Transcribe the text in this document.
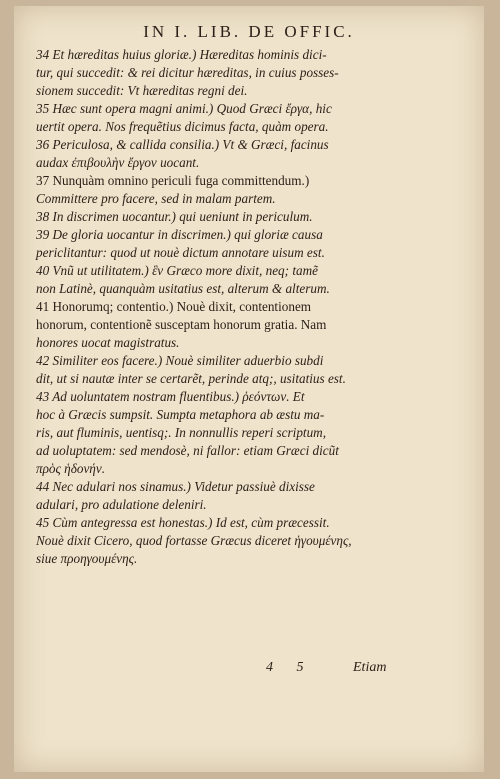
IN I. LIB. DE OFFIC.
34 Et hæreditas huius gloriæ.) Hæreditas hominis dici-
tur, qui succedit: & rei dicitur hæreditas, in cuius posses-
sionem succedit: Vt hæreditas regni dei.
35 Hæc sunt opera magni animi.) Quod Græci ἔργα, hic
uertit opera. Nos frequẽtius dicimus facta, quàm opera.
36 Periculosa, & callida consilia.) Vt & Græci, facinus
audax ἐπιβουλὴν ἔργον uocant.
37 Nunquàm omnino periculi fuga committendum.)
Committere pro facere, sed in malam partem.
38 In discrimen uocantur.) qui ueniunt in periculum.
39 De gloria uocantur in discrimen.) qui gloriæ causa
periclitantur: quod ut nouè dictum annotare uisum est.
40 Vnũ ut utilitatem.) ἓν Græco more dixit, neq; tamẽ
non Latinè, quanquàm usitatius est, alterum & alterum.
41 Honorumq; contentio.) Nouè dixit, contentionem
honorum, contentionẽ susceptam honorum gratia. Nam
honores uocat magistratus.
42 Similiter eos facere.) Nouè similiter aduerbio subdi
dit, ut si nautæ inter se certarẽt, perinde atq;, usitatius est.
43 Ad uoluntatem nostram fluentibus.) ῥεόντων. Et
hoc à Græcis sumpsit. Sumpta metaphora ab æstu ma-
ris, aut fluminis, uentisq;. In nonnullis reperi scriptum,
ad uoluptatem: sed mendosè, ni fallor: etiam Græci dicũt
πρὸς ἡδονήν.
44 Nec adulari nos sinamus.) Videtur passiuè dixisse
adulari, pro adulatione deleniri.
45 Cùm antegressa est honestas.) Id est, cùm præcessit.
Nouè dixit Cicero, quod fortasse Græcus diceret ἡγουμένης,
siue προηγουμένης.
4 5	Etiam
